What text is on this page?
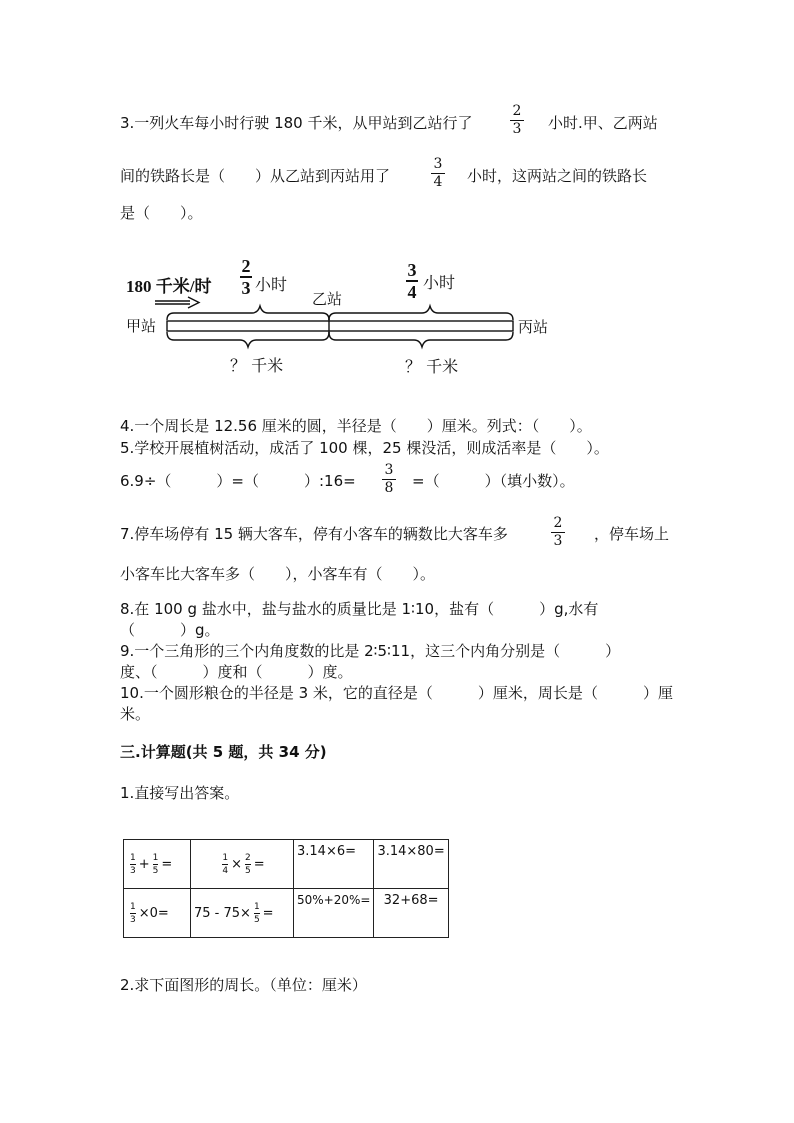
3.一列火车每小时行驶 180 千米，从甲站到乙站行了
2
3	小时.甲、乙两站
间的铁路长是（　　）从乙站到丙站用了
3
4	小时，这两站之间的铁路长
是（　　）。
180 千米/时
2
3 小时
3
4 小时
甲站
乙站
丙站
？ 千米	？ 千米
4.一个周长是 12.56 厘米的圆，半径是（　　）厘米。列式：（　　）。
5.学校开展植树活动，成活了 100 棵，25 棵没活，则成活率是（　　）。
6.9÷（　　　）=（　　　）:16=
3
8	=（　　　）（填小数）。
7.停车场停有 15 辆大客车，停有小客车的辆数比大客车多
2
3	，停车场上
小客车比大客车多（　　），小客车有（　　）。
8.在 100 g 盐水中，盐与盐水的质量比是 1∶10，盐有（　　　）g,水有
（　　　）g。
9.一个三角形的三个内角度数的比是 2∶5∶11，这三个内角分别是（　　　）
度、（　　　）度和（　　　）度。
10.一个圆形粮仓的半径是 3 米，它的直径是（　　　）厘米，周长是（　　　）厘
米。
三.计算题(共 5 题，共 34 分)
1.直接写出答案。
$\frac{1}{3} + \frac{1}{5}$ =	$\frac{1}{4} \times \frac{2}{5}$ =	3.14×6=	3.14×80=
$\frac{1}{3} \times 0=$	$75 - 75\times \frac{1}{5}$ =	50%+20%=	32+68=
2.求下面图形的周长。（单位：厘米）
